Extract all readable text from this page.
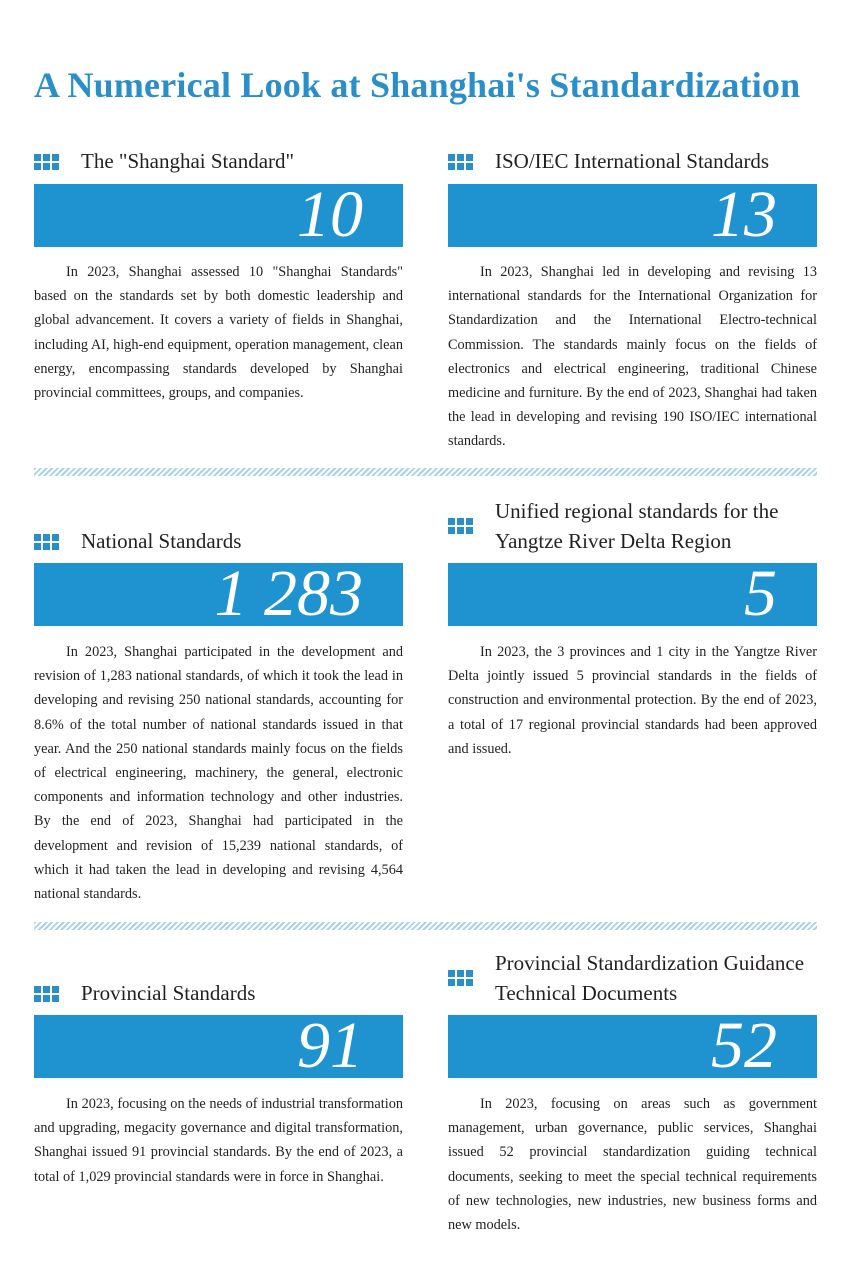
A Numerical Look at Shanghai's Standardization
The "Shanghai Standard"
10
In 2023, Shanghai assessed 10 "Shanghai Standards" based on the standards set by both domestic leadership and global advancement. It covers a variety of fields in Shanghai, including AI, high-end equipment, operation management, clean energy, encompassing standards developed by Shanghai provincial committees, groups, and companies.
ISO/IEC International Standards
13
In 2023, Shanghai led in developing and revising 13 international standards for the International Organization for Standardization and the International Electro-technical Commission. The standards mainly focus on the fields of electronics and electrical engineering, traditional Chinese medicine and furniture. By the end of 2023, Shanghai had taken the lead in developing and revising 190 ISO/IEC international standards.
National Standards
1 283
In 2023, Shanghai participated in the development and revision of 1,283 national standards, of which it took the lead in developing and revising 250 national standards, accounting for 8.6% of the total number of national standards issued in that year. And the 250 national standards mainly focus on the fields of electrical engineering, machinery, the general, electronic components and information technology and other industries. By the end of 2023, Shanghai had participated in the development and revision of 15,239 national standards, of which it had taken the lead in developing and revising 4,564 national standards.
Unified regional standards for the Yangtze River Delta Region
5
In 2023, the 3 provinces and 1 city in the Yangtze River Delta jointly issued 5 provincial standards in the fields of construction and environmental protection. By the end of 2023, a total of 17 regional provincial standards had been approved and issued.
Provincial Standards
91
In 2023, focusing on the needs of industrial transformation and upgrading, megacity governance and digital transformation, Shanghai issued 91 provincial standards. By the end of 2023, a total of 1,029 provincial standards were in force in Shanghai.
Provincial Standardization Guidance Technical Documents
52
In 2023, focusing on areas such as government management, urban governance, public services, Shanghai issued 52 provincial standardization guiding technical documents, seeking to meet the special technical requirements of new technologies, new industries, new business forms and new models.
